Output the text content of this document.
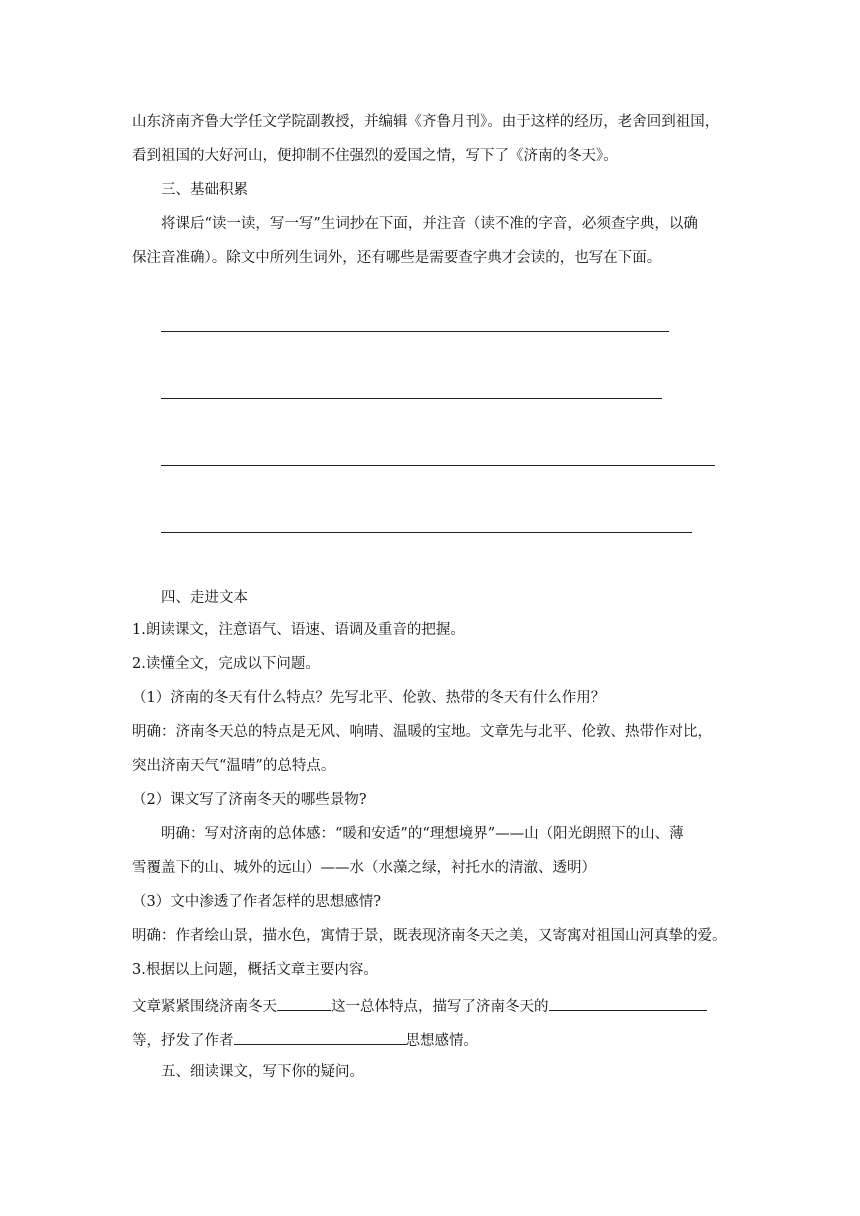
山东济南齐鲁大学任文学院副教授，并编辑《齐鲁月刊》。由于这样的经历，老舍回到祖国，
看到祖国的大好河山，便抑制不住强烈的爱国之情，写下了《济南的冬天》。
三、基础积累
将课后“读一读，写一写”生词抄在下面，并注音（读不准的字音，必须查字典，以确
保注音准确）。除文中所列生词外，还有哪些是需要查字典才会读的，也写在下面。
四、走进文本
1.朗读课文，注意语气、语速、语调及重音的把握。
2.读懂全文，完成以下问题。
（1）济南的冬天有什么特点？先写北平、伦敦、热带的冬天有什么作用？
明确：济南冬天总的特点是无风、响晴、温暖的宝地。文章先与北平、伦敦、热带作对比，
突出济南天气“温晴”的总特点。
（2）课文写了济南冬天的哪些景物?
明确：写对济南的总体感：“暖和安适”的“理想境界”——山（阳光朗照下的山、薄
雪覆盖下的山、城外的远山）——水（水藻之绿，衬托水的清澈、透明）
（3）文中渗透了作者怎样的思想感情?
明确：作者绘山景，描水色，寓情于景，既表现济南冬天之美，又寄寓对祖国山河真挚的爱。
3.根据以上问题，概括文章主要内容。
文章紧紧围绕济南冬天	这一总体特点，描写了济南冬天的
等，抒发了作者	思想感情。
五、细读课文，写下你的疑问。
